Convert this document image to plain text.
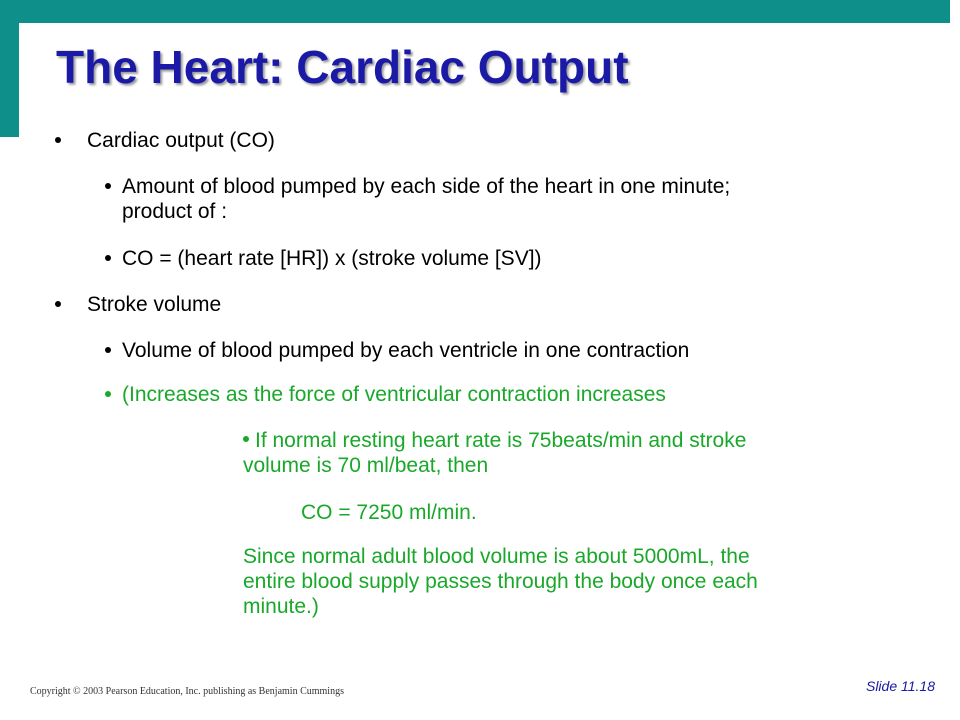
The Heart: Cardiac Output
Cardiac output (CO)
Amount of blood pumped by each side of the heart in one minute;
product of :
CO = (heart rate [HR]) x (stroke volume [SV])
Stroke volume
Volume of blood pumped by each ventricle in one contraction
(Increases as the force of ventricular contraction increases
If normal resting heart rate is 75beats/min and stroke
volume is 70 ml/beat, then
CO = 7250 ml/min.
Since normal adult blood volume is about 5000mL, the
entire blood supply passes through the body once each
minute.)
Copyright © 2003 Pearson Education, Inc. publishing as Benjamin Cummings	Slide 11.18
